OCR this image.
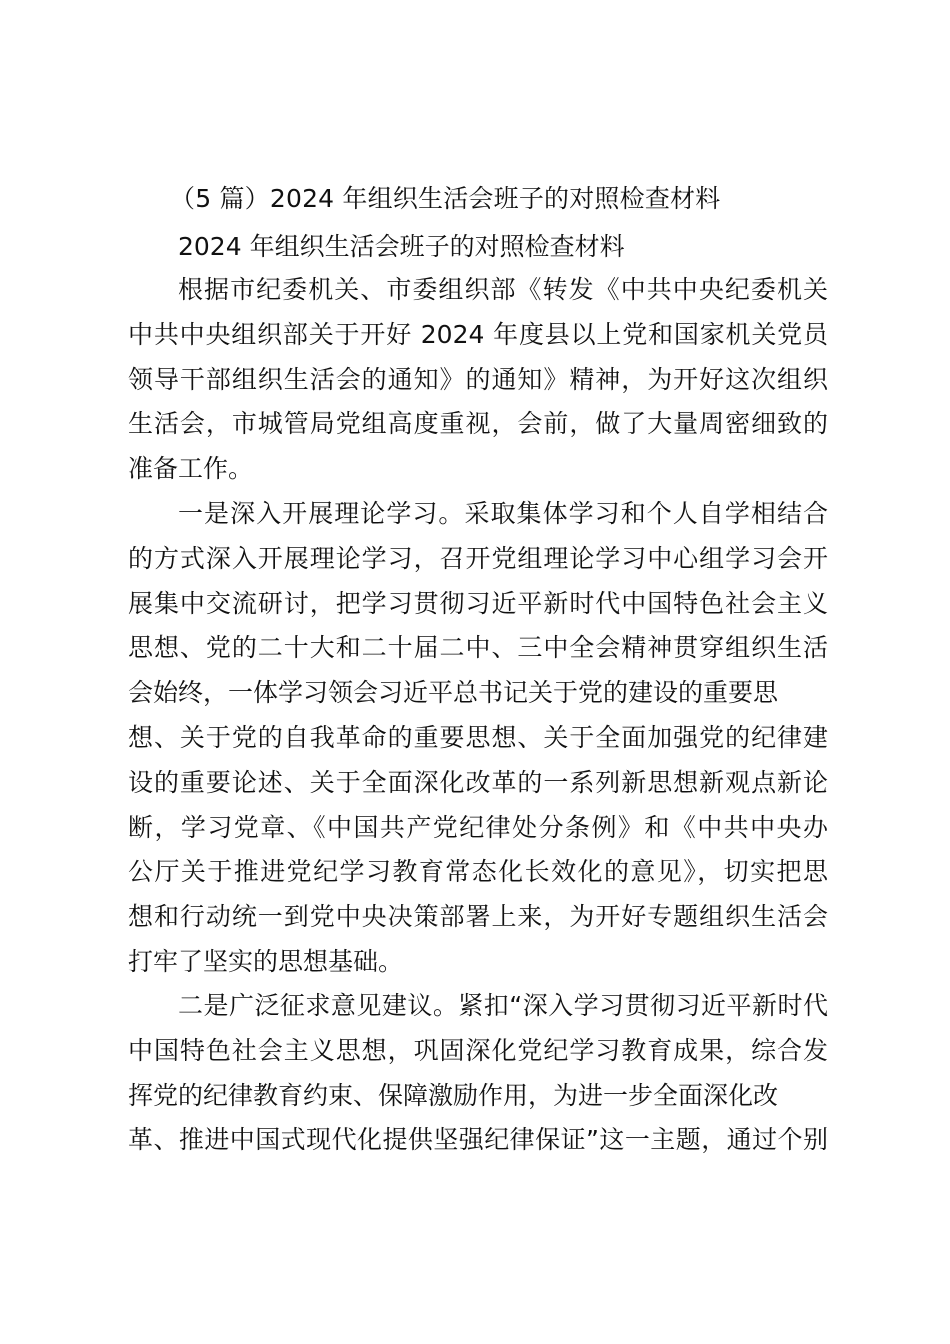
（5 篇）2024 年组织生活会班子的对照检查材料
2024 年组织生活会班子的对照检查材料
根据市纪委机关、市委组织部《转发《中共中央纪委机关
中共中央组织部关于开好 2024 年度县以上党和国家机关党员
领导干部组织生活会的通知》的通知》精神，为开好这次组织
生活会，市城管局党组高度重视，会前，做了大量周密细致的
准备工作。
一是深入开展理论学习。采取集体学习和个人自学相结合
的方式深入开展理论学习，召开党组理论学习中心组学习会开
展集中交流研讨，把学习贯彻习近平新时代中国特色社会主义
思想、党的二十大和二十届二中、三中全会精神贯穿组织生活
会始终，一体学习领会习近平总书记关于党的建设的重要思
想、关于党的自我革命的重要思想、关于全面加强党的纪律建
设的重要论述、关于全面深化改革的一系列新思想新观点新论
断，学习党章、《中国共产党纪律处分条例》和《中共中央办
公厅关于推进党纪学习教育常态化长效化的意见》，切实把思
想和行动统一到党中央决策部署上来，为开好专题组织生活会
打牢了坚实的思想基础。
二是广泛征求意见建议。紧扣“深入学习贯彻习近平新时代
中国特色社会主义思想，巩固深化党纪学习教育成果，综合发
挥党的纪律教育约束、保障激励作用，为进一步全面深化改
革、推进中国式现代化提供坚强纪律保证”这一主题，通过个别
